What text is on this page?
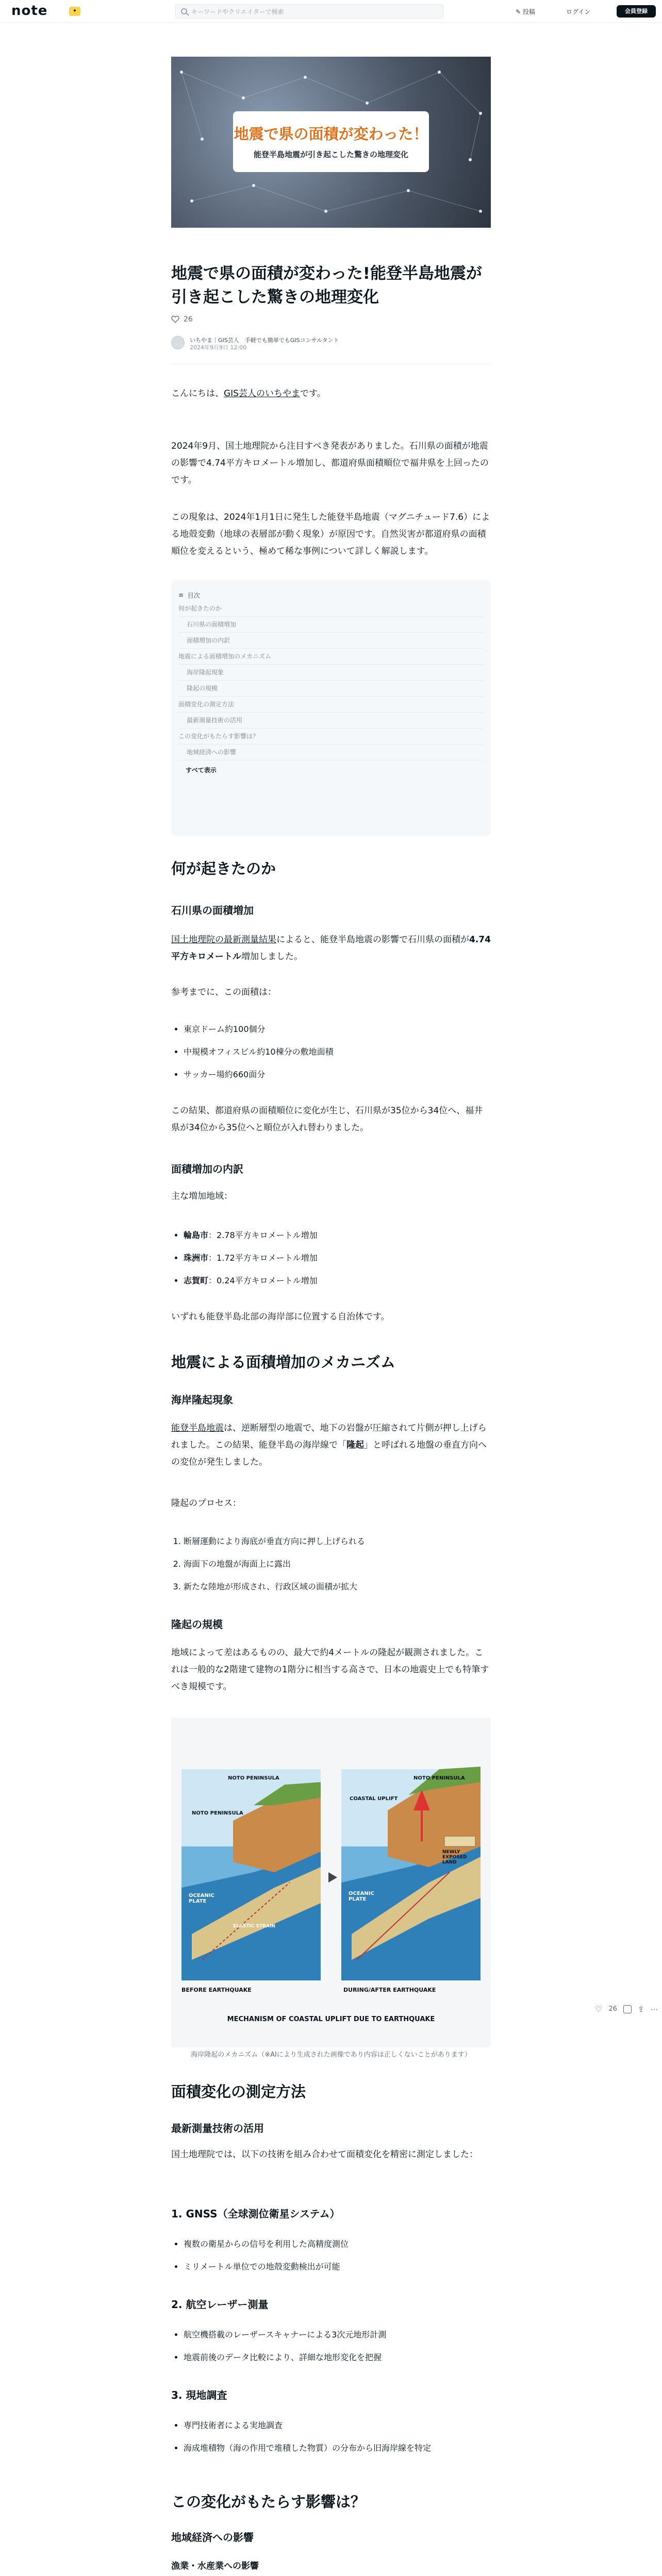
note	✦	キーワードやクリエイターで検索	✎ 投稿	ログイン	会員登録
地震で県の面積が変わった！
能登半島地震が引き起こした驚きの地理変化
地震で県の面積が変わった!能登半島地震が引き起こした驚きの地理変化
26
いちやま｜GIS芸人　手軽でも簡単でもGISコンサルタント
2024年9月9日 12:00
こんにちは、GIS芸人のいちやまです。
2024年9月、国土地理院から注目すべき発表がありました。石川県の面積が地震の影響で4.74平方キロメートル増加し、都道府県面積順位で福井県を上回ったのです。
この現象は、2024年1月1日に発生した能登半島地震（マグニチュード7.6）による地殻変動（地球の表層部が動く現象）が原因です。自然災害が都道府県の面積順位を変えるという、極めて稀な事例について詳しく解説します。
≡ 目次
何が起きたのか
石川県の面積増加
面積増加の内訳
地震による面積増加のメカニズム
海岸隆起現象
隆起の規模
面積変化の測定方法
最新測量技術の活用
この変化がもたらす影響は？
地域経済への影響
すべて表示
何が起きたのか
石川県の面積増加
国土地理院の最新測量結果によると、能登半島地震の影響で石川県の面積が4.74平方キロメートル増加しました。
参考までに、この面積は：
• 東京ドーム約100個分
• 中規模オフィスビル約10棟分の敷地面積
• サッカー場約660面分
この結果、都道府県の面積順位に変化が生じ、石川県が35位から34位へ、福井県が34位から35位へと順位が入れ替わりました。
面積増加の内訳
主な増加地域：
• 輪島市：2.78平方キロメートル増加
• 珠洲市：1.72平方キロメートル増加
• 志賀町：0.24平方キロメートル増加
いずれも能登半島北部の海岸部に位置する自治体です。
地震による面積増加のメカニズム
海岸隆起現象
能登半島地震は、逆断層型の地震で、地下の岩盤が圧縮されて片側が押し上げられました。この結果、能登半島の海岸線で「隆起」と呼ばれる地盤の垂直方向への変位が発生しました。
隆起のプロセス：
1. 断層運動により海底が垂直方向に押し上げられる
2. 海面下の地盤が海面上に露出
3. 新たな陸地が形成され、行政区域の面積が拡大
隆起の規模
地域によって差はあるものの、最大で約4メートルの隆起が観測されました。これは一般的な2階建て建物の1階分に相当する高さで、日本の地震史上でも特筆すべき規模です。
NOTO PENINSULA
NOTO PENINSULA
OCEANIC PLATE
ELASTIC STRAIN
NOTO PENINSULA
COASTAL UPLIFT
OCEANIC PLATE
NEWLY EXPOSED LAND
BEFORE EARTHQUAKE	DURING/AFTER EARTHQUAKE
MECHANISM OF COASTAL UPLIFT DUE TO EARTHQUAKE
海岸隆起のメカニズム（※AIにより生成された画像であり内容は正しくないことがあります）
♡ 26	⇪ ⋯
面積変化の測定方法
最新測量技術の活用
国土地理院では、以下の技術を組み合わせて面積変化を精密に測定しました：
1. GNSS（全球測位衛星システム）
• 複数の衛星からの信号を利用した高精度測位
• ミリメートル単位での地殻変動検出が可能
2. 航空レーザー測量
• 航空機搭載のレーザースキャナーによる3次元地形計測
• 地震前後のデータ比較により、詳細な地形変化を把握
3. 現地調査
• 専門技術者による実地調査
• 海成堆積物（海の作用で堆積した物質）の分布から旧海岸線を特定
この変化がもたらす影響は？
地域経済への影響
漁業・水産業への影響
